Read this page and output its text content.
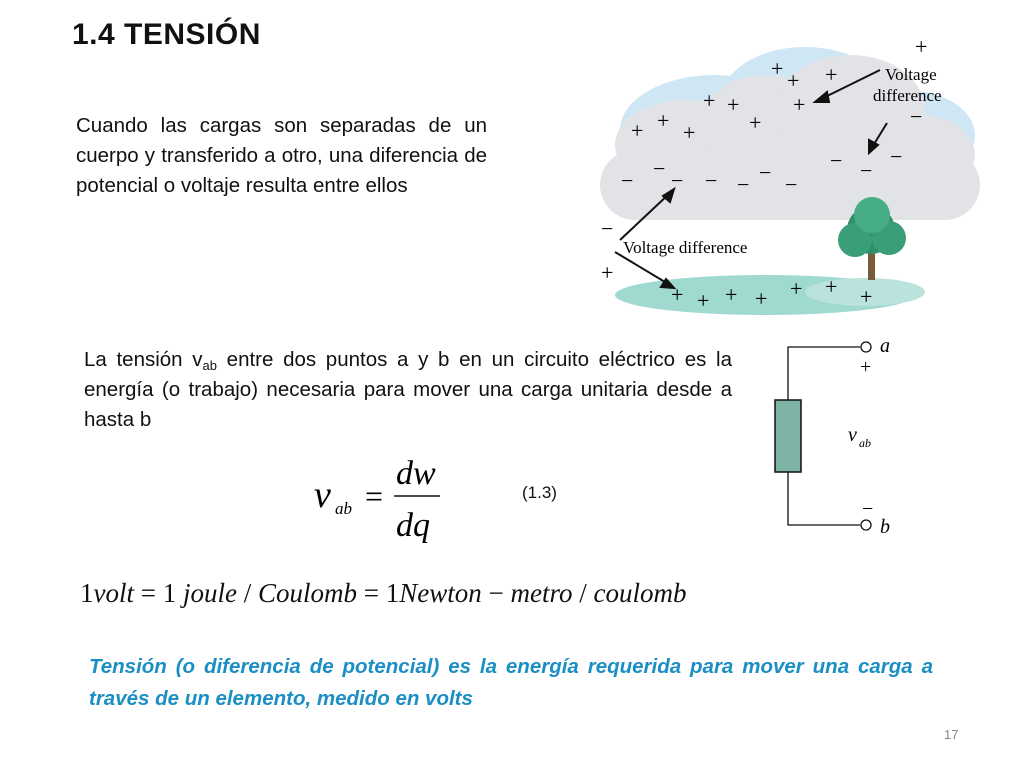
1.4 TENSIÓN
Cuando las cargas son separadas de un cuerpo y transferido a otro, una diferencia de potencial o voltaje resulta entre ellos
La tensión $v_{ab}$ entre dos puntos a y b en un circuito eléctrico es la energía (o trabajo) necesaria para mover una carga unitaria desde a hasta b
v ab =
dw
dq
(1.3)
1volt = 1 joule / Coulomb = 1Newton − metro / coulomb
Tensión (o diferencia de potencial) es la energía requerida para mover una carga a través de un elemento, medido en volts
17
+
+ + +
+ + +
+ + + +	−
−
− −
− − − − − − −
−
+
+ + + + + + +
Voltage
difference
Voltage difference
a
b
+
−
v ab
